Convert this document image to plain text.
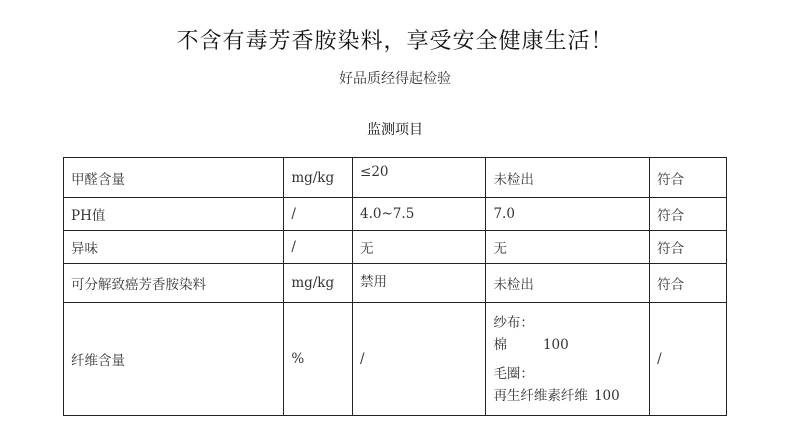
不含有毒芳香胺染料，享受安全健康生活！
好品质经得起检验
监测项目
甲醛含量	mg/kg	≤20	未检出	符合
PH值	/	4.0~7.5	7.0	符合
异味	/	无	无	符合
可分解致癌芳香胺染料	mg/kg	禁用	未检出	符合
纤维含量	%	/	纱布：
棉 100
毛圈：
再生纤维素纤维 100	/
